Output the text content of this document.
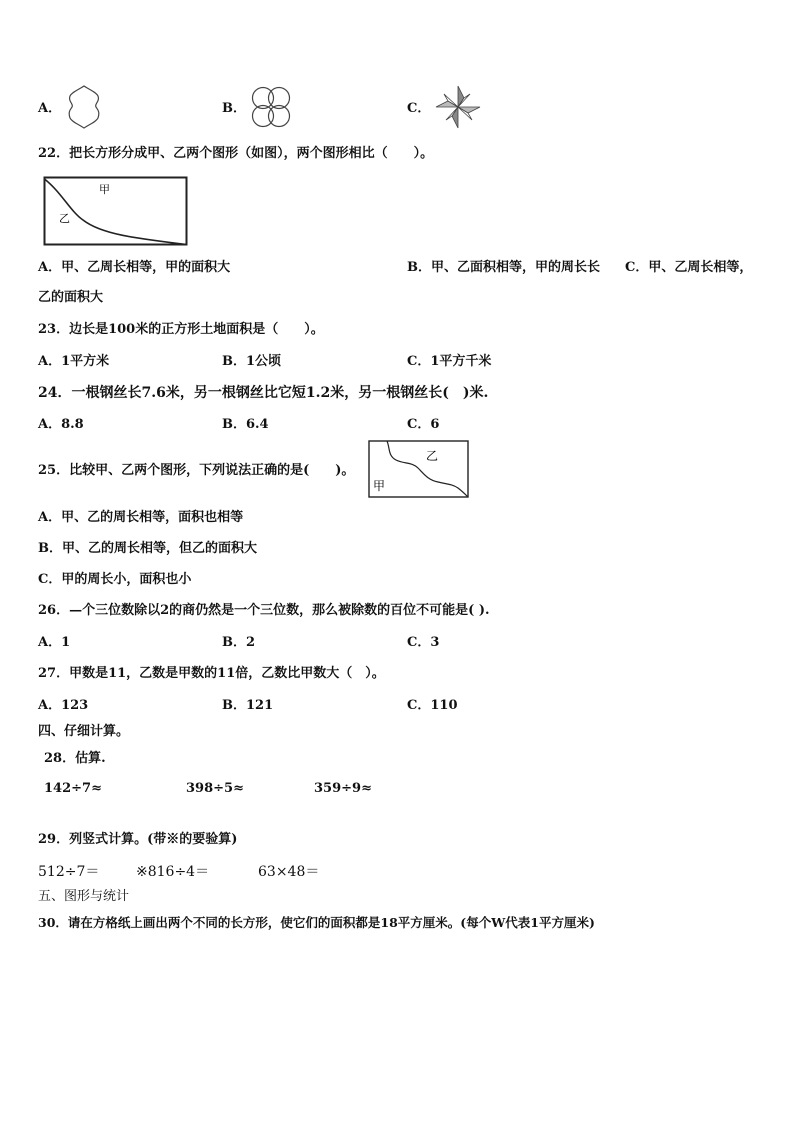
A．	B．	C．
22．把长方形分成甲、乙两个图形（如图），两个图形相比（　　）。
甲
乙
A．甲、乙周长相等，甲的面积大	B．甲、乙面积相等，甲的周长长 C．甲、乙周长相等，
乙的面积大
23．边长是100米的正方形土地面积是（　　）。
A．1平方米	B．1公顷	C．1平方千米
24．一根钢丝长7.6米，另一根钢丝比它短1.2米，另一根钢丝长(　)米.
A．8.8	B．6.4	C．6
25．比较甲、乙两个图形，下列说法正确的是(　　)。
乙
甲
A．甲、乙的周长相等，面积也相等
B．甲、乙的周长相等，但乙的面积大
C．甲的周长小，面积也小
26．—个三位数除以2的商仍然是一个三位数，那么被除数的百位不可能是( ).
A．1	B．2	C．3
27．甲数是11，乙数是甲数的11倍，乙数比甲数大（　）。
A．123	B．121	C．110
四、仔细计算。
28．估算.
142÷7≈	398÷5≈	359÷9≈
29．列竖式计算。(带※的要验算)
512÷7＝	※816÷4＝	63×48＝
五、图形与统计
30．请在方格纸上画出两个不同的长方形，使它们的面积都是18平方厘米。(每个W代表1平方厘米)
